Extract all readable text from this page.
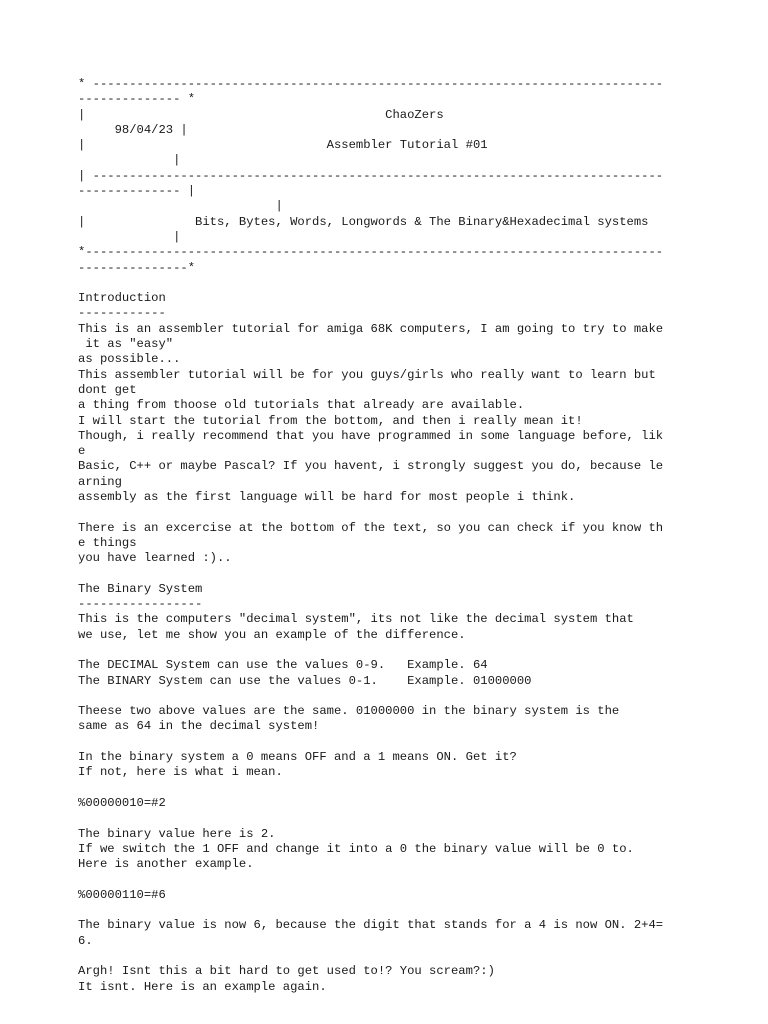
* ------------------------------------------------------------------------------
-------------- *
|                                         ChaoZers
98/04/23 |
|                                 Assembler Tutorial #01
|
| ------------------------------------------------------------------------------
-------------- |
|
|               Bits, Bytes, Words, Longwords & The Binary&Hexadecimal systems
|
*-------------------------------------------------------------------------------
---------------*
Introduction
------------
This is an assembler tutorial for amiga 68K computers, I am going to try to make
it as "easy"
as possible...
This assembler tutorial will be for you guys/girls who really want to learn but
dont get
a thing from thoose old tutorials that already are available.
I will start the tutorial from the bottom, and then i really mean it!
Though, i really recommend that you have programmed in some language before, lik
e
Basic, C++ or maybe Pascal? If you havent, i strongly suggest you do, because le
arning
assembly as the first language will be hard for most people i think.
There is an excercise at the bottom of the text, so you can check if you know th
e things
you have learned :)..
The Binary System
-----------------
This is the computers "decimal system", its not like the decimal system that
we use, let me show you an example of the difference.
The DECIMAL System can use the values 0-9.   Example. 64
The BINARY System can use the values 0-1.    Example. 01000000
Theese two above values are the same. 01000000 in the binary system is the
same as 64 in the decimal system!
In the binary system a 0 means OFF and a 1 means ON. Get it?
If not, here is what i mean.
%00000010=#2
The binary value here is 2.
If we switch the 1 OFF and change it into a 0 the binary value will be 0 to.
Here is another example.
%00000110=#6
The binary value is now 6, because the digit that stands for a 4 is now ON. 2+4=
6.
Argh! Isnt this a bit hard to get used to!? You scream?:)
It isnt. Here is an example again.
